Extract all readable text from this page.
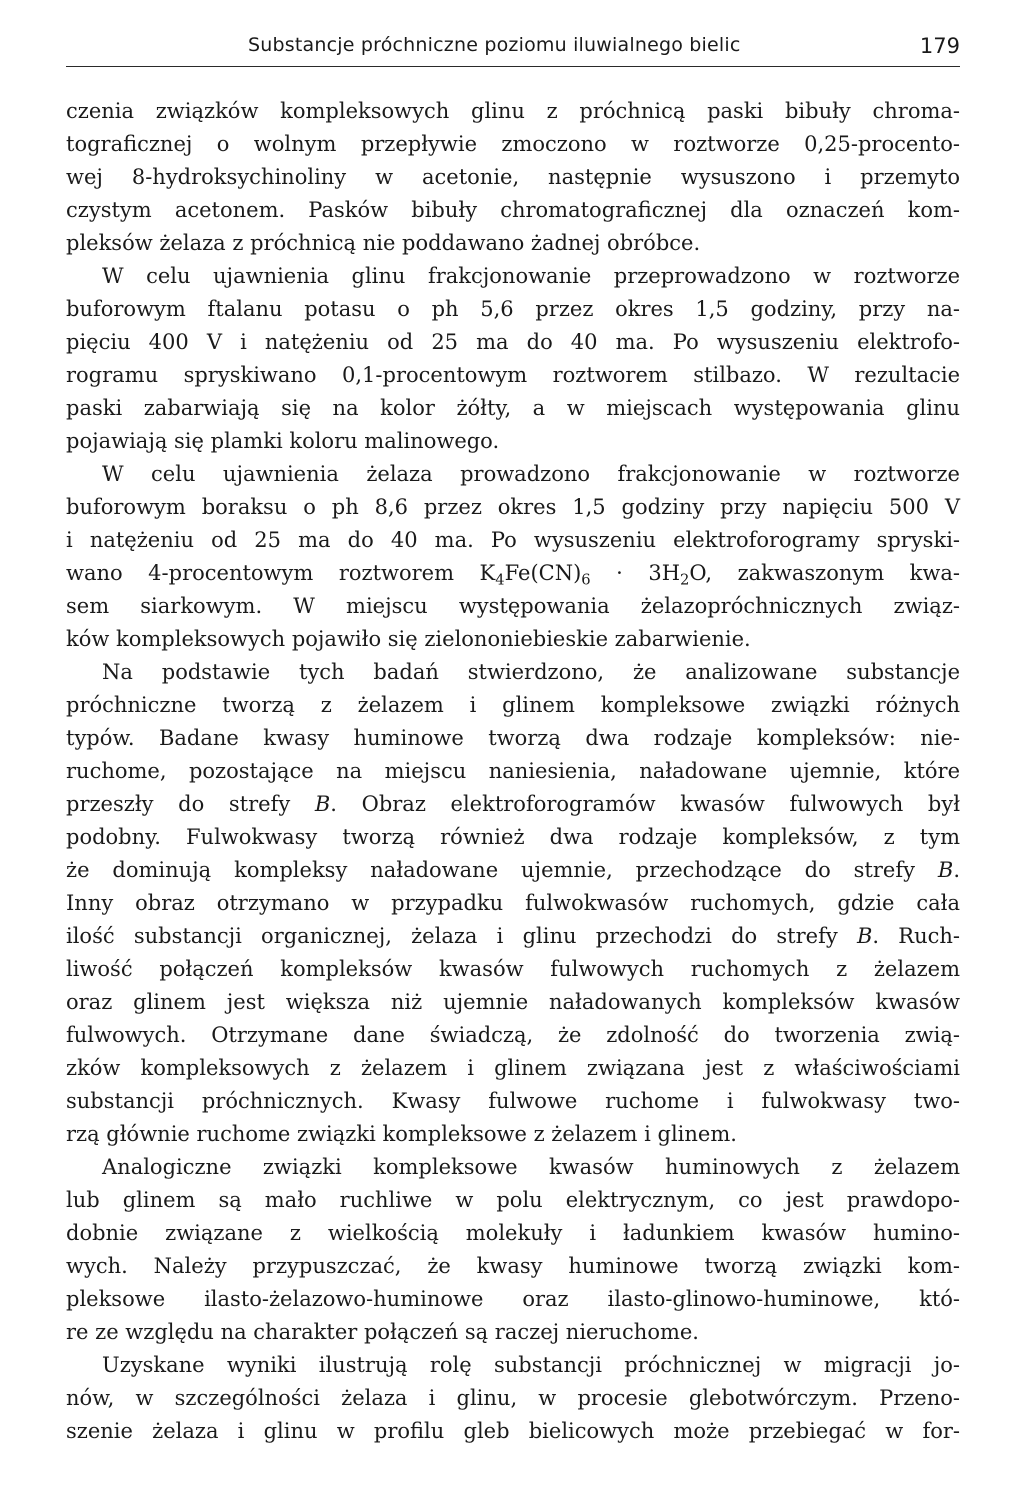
Substancje próchniczne poziomu iluwialnego bielic	179
czenia związków kompleksowych glinu z próchnicą paski bibuły chroma-
tograficznej o wolnym przepływie zmoczono w roztworze 0,25-procento-
wej 8-hydroksychinoliny w acetonie, następnie wysuszono i przemyto
czystym acetonem. Pasków bibuły chromatograficznej dla oznaczeń kom-
pleksów żelaza z próchnicą nie poddawano żadnej obróbce.
W celu ujawnienia glinu frakcjonowanie przeprowadzono w roztworze
buforowym ftalanu potasu o ph 5,6 przez okres 1,5 godziny, przy na-
pięciu 400 V i natężeniu od 25 ma do 40 ma. Po wysuszeniu elektrofo-
rogramu spryskiwano 0,1-procentowym roztworem stilbazo. W rezultacie
paski zabarwiają się na kolor żółty, a w miejscach występowania glinu
pojawiają się plamki koloru malinowego.
W celu ujawnienia żelaza prowadzono frakcjonowanie w roztworze
buforowym boraksu o ph 8,6 przez okres 1,5 godziny przy napięciu 500 V
i natężeniu od 25 ma do 40 ma. Po wysuszeniu elektroforogramy spryski-
wano 4-procentowym roztworem $K_4Fe(CN)_6 \cdot 3H_2O$, zakwaszonym kwa-
sem siarkowym. W miejscu występowania żelazopróchnicznych związ-
ków kompleksowych pojawiło się zielononiebieskie zabarwienie.
Na podstawie tych badań stwierdzono, że analizowane substancje
próchniczne tworzą z żelazem i glinem kompleksowe związki różnych
typów. Badane kwasy huminowe tworzą dwa rodzaje kompleksów: nie-
ruchome, pozostające na miejscu naniesienia, naładowane ujemnie, które
przeszły do strefy B. Obraz elektroforogramów kwasów fulwowych był
podobny. Fulwokwasy tworzą również dwa rodzaje kompleksów, z tym
że dominują kompleksy naładowane ujemnie, przechodzące do strefy B.
Inny obraz otrzymano w przypadku fulwokwasów ruchomych, gdzie cała
ilość substancji organicznej, żelaza i glinu przechodzi do strefy B. Ruch-
liwość połączeń kompleksów kwasów fulwowych ruchomych z żelazem
oraz glinem jest większa niż ujemnie naładowanych kompleksów kwasów
fulwowych. Otrzymane dane świadczą, że zdolność do tworzenia zwią-
zków kompleksowych z żelazem i glinem związana jest z właściwościami
substancji próchnicznych. Kwasy fulwowe ruchome i fulwokwasy two-
rzą głównie ruchome związki kompleksowe z żelazem i glinem.
Analogiczne związki kompleksowe kwasów huminowych z żelazem
lub glinem są mało ruchliwe w polu elektrycznym, co jest prawdopo-
dobnie związane z wielkością molekuły i ładunkiem kwasów humino-
wych. Należy przypuszczać, że kwasy huminowe tworzą związki kom-
pleksowe ilasto-żelazowo-huminowe oraz ilasto-glinowo-huminowe, któ-
re ze względu na charakter połączeń są raczej nieruchome.
Uzyskane wyniki ilustrują rolę substancji próchnicznej w migracji jo-
nów, w szczególności żelaza i glinu, w procesie glebotwórczym. Przeno-
szenie żelaza i glinu w profilu gleb bielicowych może przebiegać w for-
